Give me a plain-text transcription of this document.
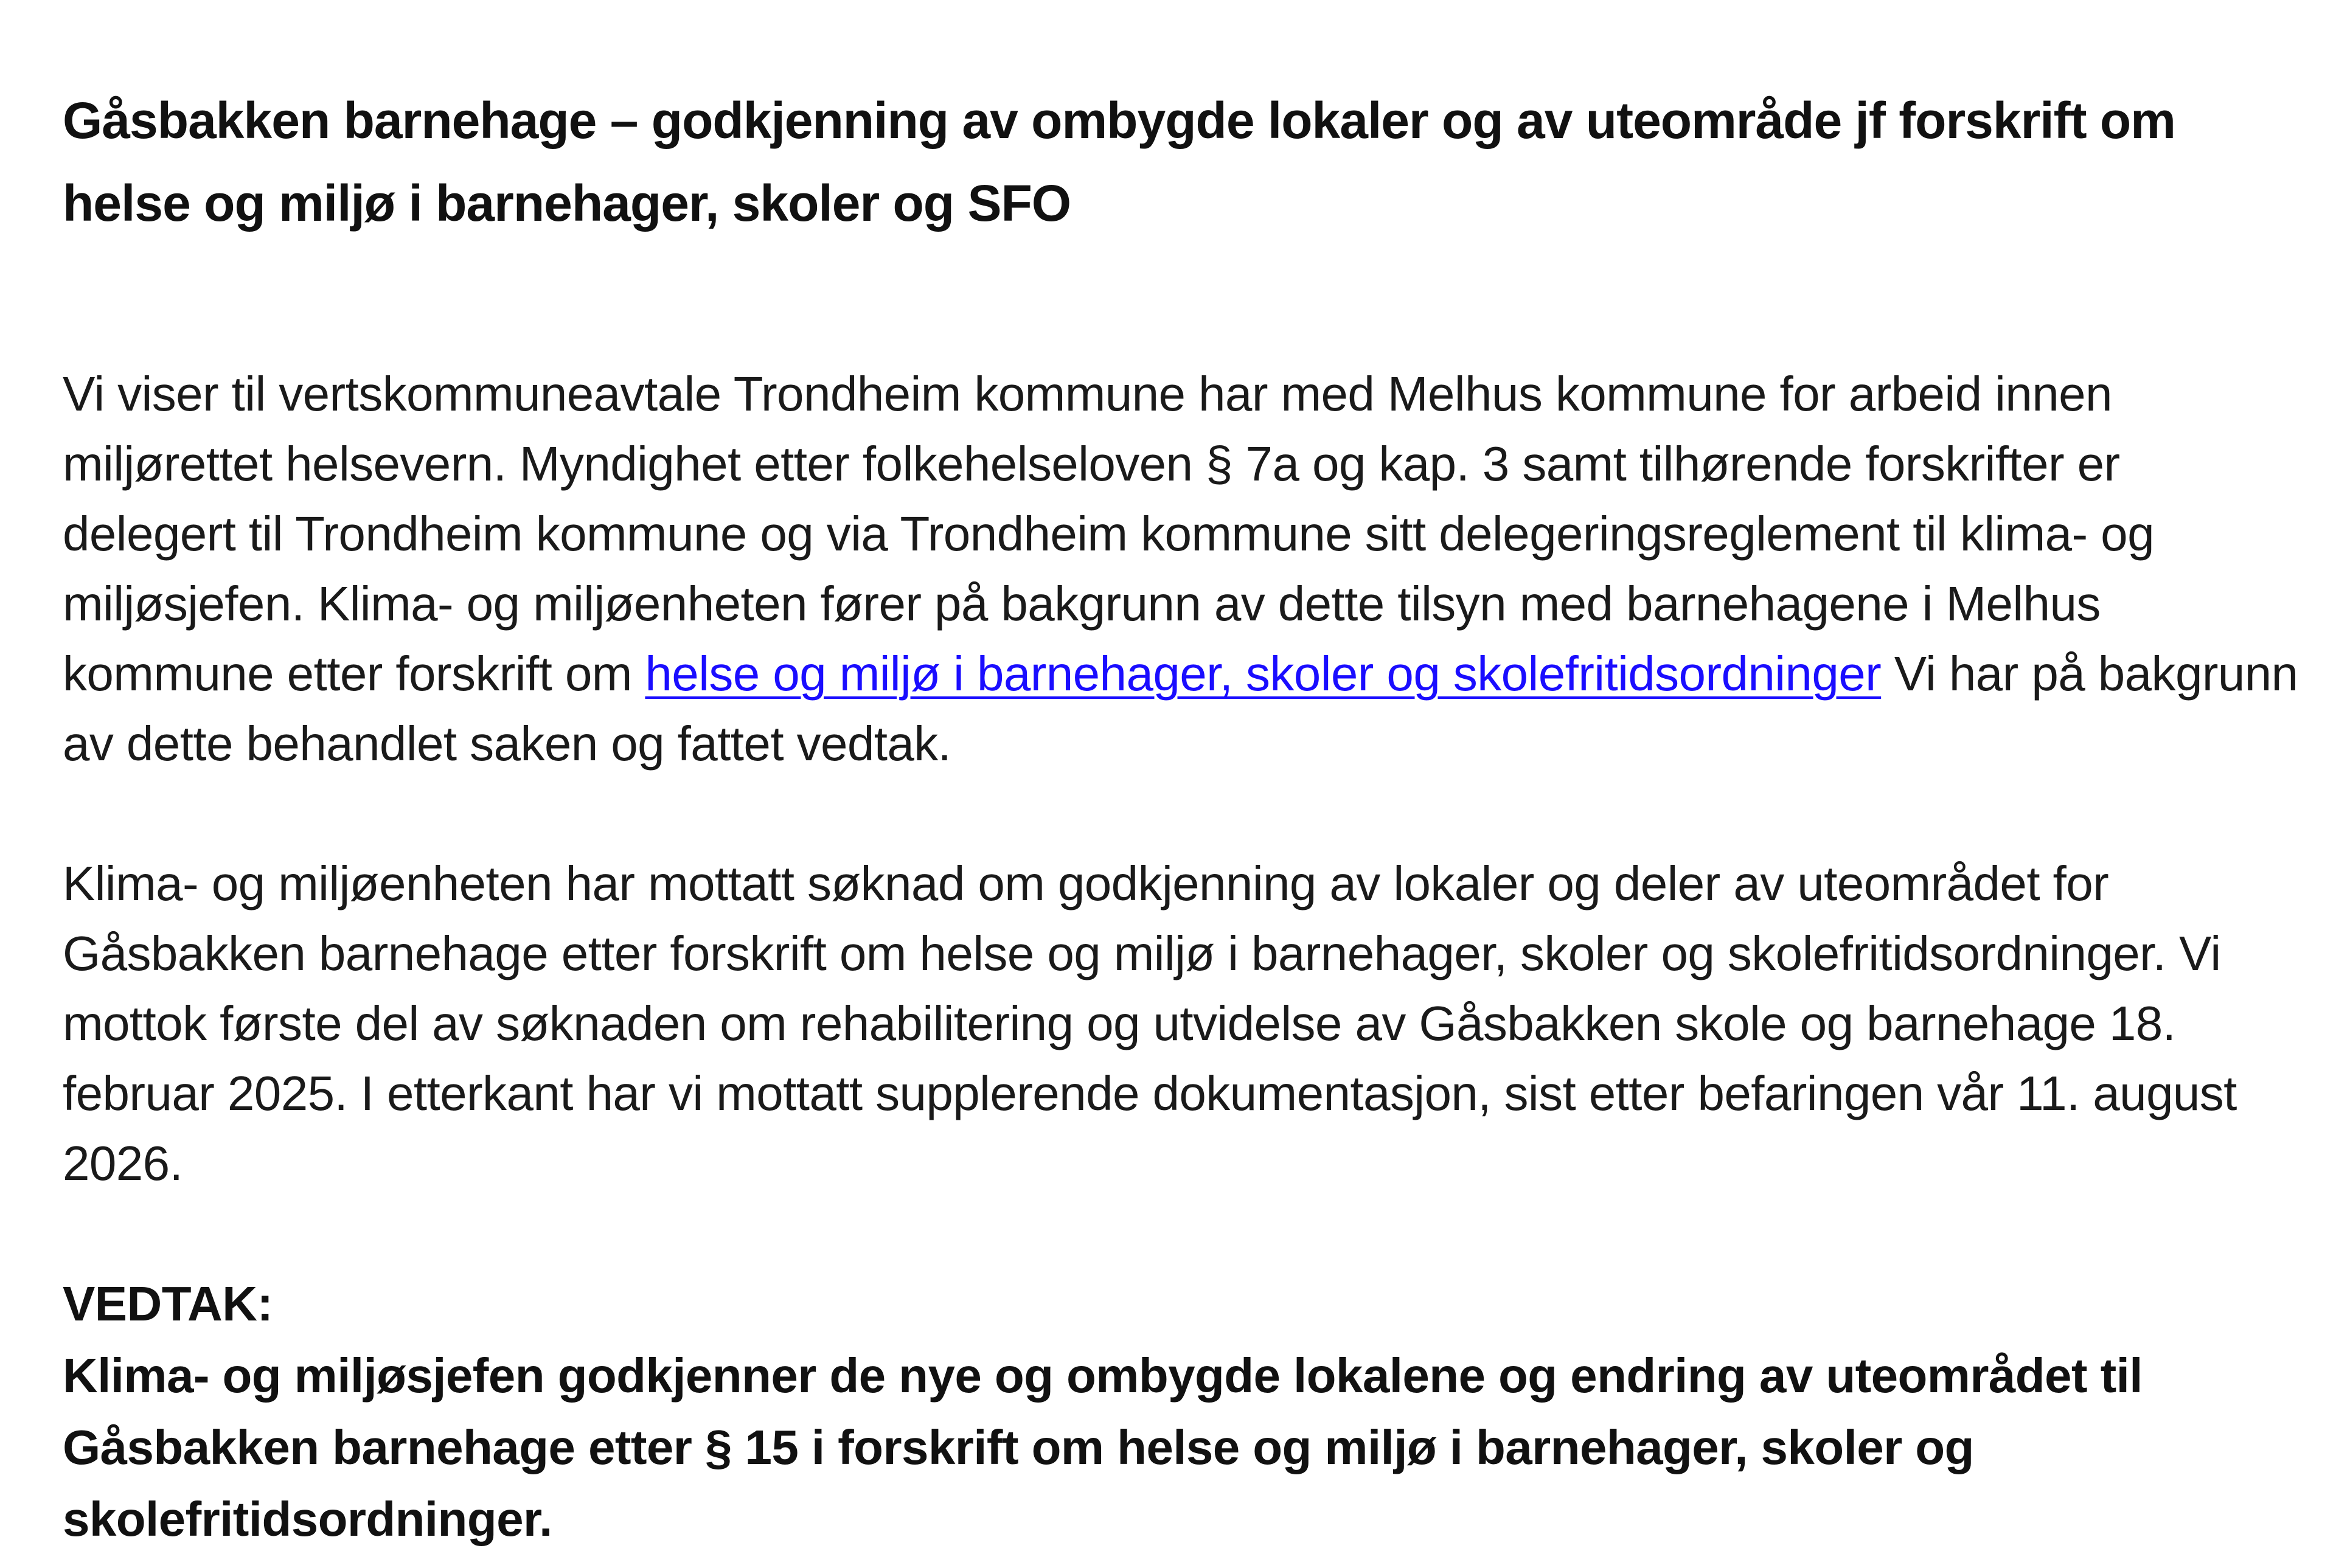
Gåsbakken barnehage – godkjenning av ombygde lokaler og av uteområde jf forskrift om helse og miljø i barnehager, skoler og SFO

Vi viser til vertskommuneavtale Trondheim kommune har med Melhus kommune for arbeid innen miljørettet helsevern. Myndighet etter folkehelseloven § 7a og kap. 3 samt tilhørende forskrifter er delegert til Trondheim kommune og via Trondheim kommune sitt delegeringsreglement til klima- og miljøsjefen. Klima- og miljøenheten fører på bakgrunn av dette tilsyn med barnehagene i Melhus kommune etter forskrift om helse og miljø i barnehager, skoler og skolefritidsordninger Vi har på bakgrunn av dette behandlet saken og fattet vedtak.

Klima- og miljøenheten har mottatt søknad om godkjenning av lokaler og deler av uteområdet for Gåsbakken barnehage etter forskrift om helse og miljø i barnehager, skoler og skolefritidsordninger. Vi mottok første del av søknaden om rehabilitering og utvidelse av Gåsbakken skole og barnehage 18. februar 2025. I etterkant har vi mottatt supplerende dokumentasjon, sist etter befaringen vår 11. august 2026.

VEDTAK:

Klima- og miljøsjefen godkjenner de nye og ombygde lokalene og endring av uteområdet til Gåsbakken barnehage etter § 15 i forskrift om helse og miljø i barnehager, skoler og skolefritidsordninger.
